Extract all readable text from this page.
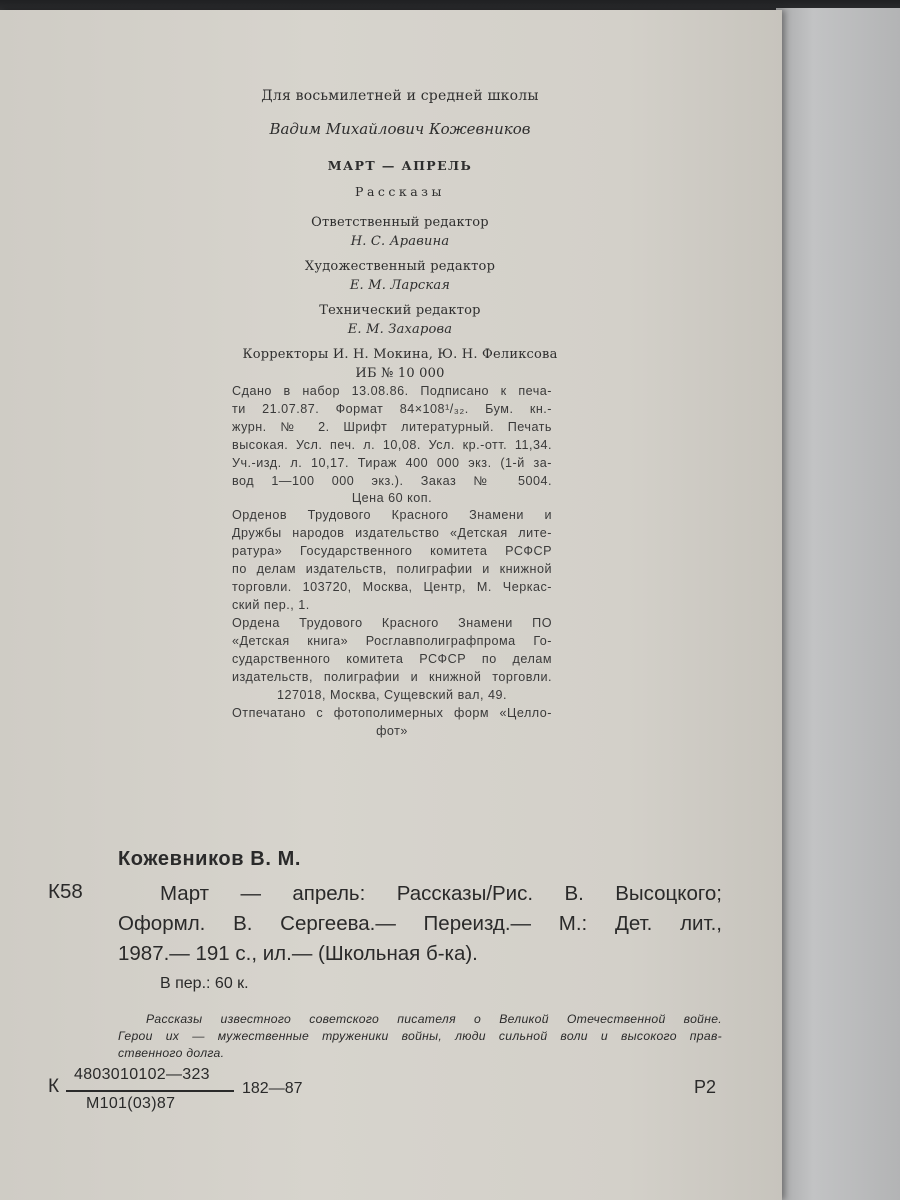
Для восьмилетней и средней школы
Вадим Михайлович Кожевников
МАРТ — АПРЕЛЬ
Рассказы
Ответственный редактор
Н. С. Аравина
Художественный редактор
Е. М. Ларская
Технический редактор
Е. М. Захарова
Корректоры И. Н. Мокина, Ю. Н. Феликсова
ИБ № 10 000
Сдано в набор 13.08.86. Подписано к печа-
ти 21.07.87. Формат 84×108¹/₃₂. Бум. кн.-
журн. № 2. Шрифт литературный. Печать
высокая. Усл. печ. л. 10,08. Усл. кр.-отт. 11,34.
Уч.-изд. л. 10,17. Тираж 400 000 экз. (1-й за-
вод 1—100 000 экз.). Заказ № 5004.
Цена 60 коп.
Орденов Трудового Красного Знамени и
Дружбы народов издательство «Детская лите-
ратура» Государственного комитета РСФСР
по делам издательств, полиграфии и книжной
торговли. 103720, Москва, Центр, М. Черкас-
ский пер., 1.
Ордена Трудового Красного Знамени ПО
«Детская книга» Росглавполиграфпрома Го-
сударственного комитета РСФСР по делам
издательств, полиграфии и книжной торговли.
127018, Москва, Сущевский вал, 49.
Отпечатано с фотополимерных форм «Целло-
фот»
Кожевников В. М.
К58	Март — апрель: Рассказы/Рис. В. Высоцкого;
Оформл. В. Сергеева.— Переизд.— М.: Дет. лит.,
1987.— 191 с., ил.— (Школьная б-ка).
В пер.: 60 к.
Рассказы известного советского писателя о Великой Отечественной войне.
Герои их — мужественные труженики войны, люди сильной воли и высокого прав-
ственного долга.
К
4803010102—323
М101(03)87
182—87	Р2
